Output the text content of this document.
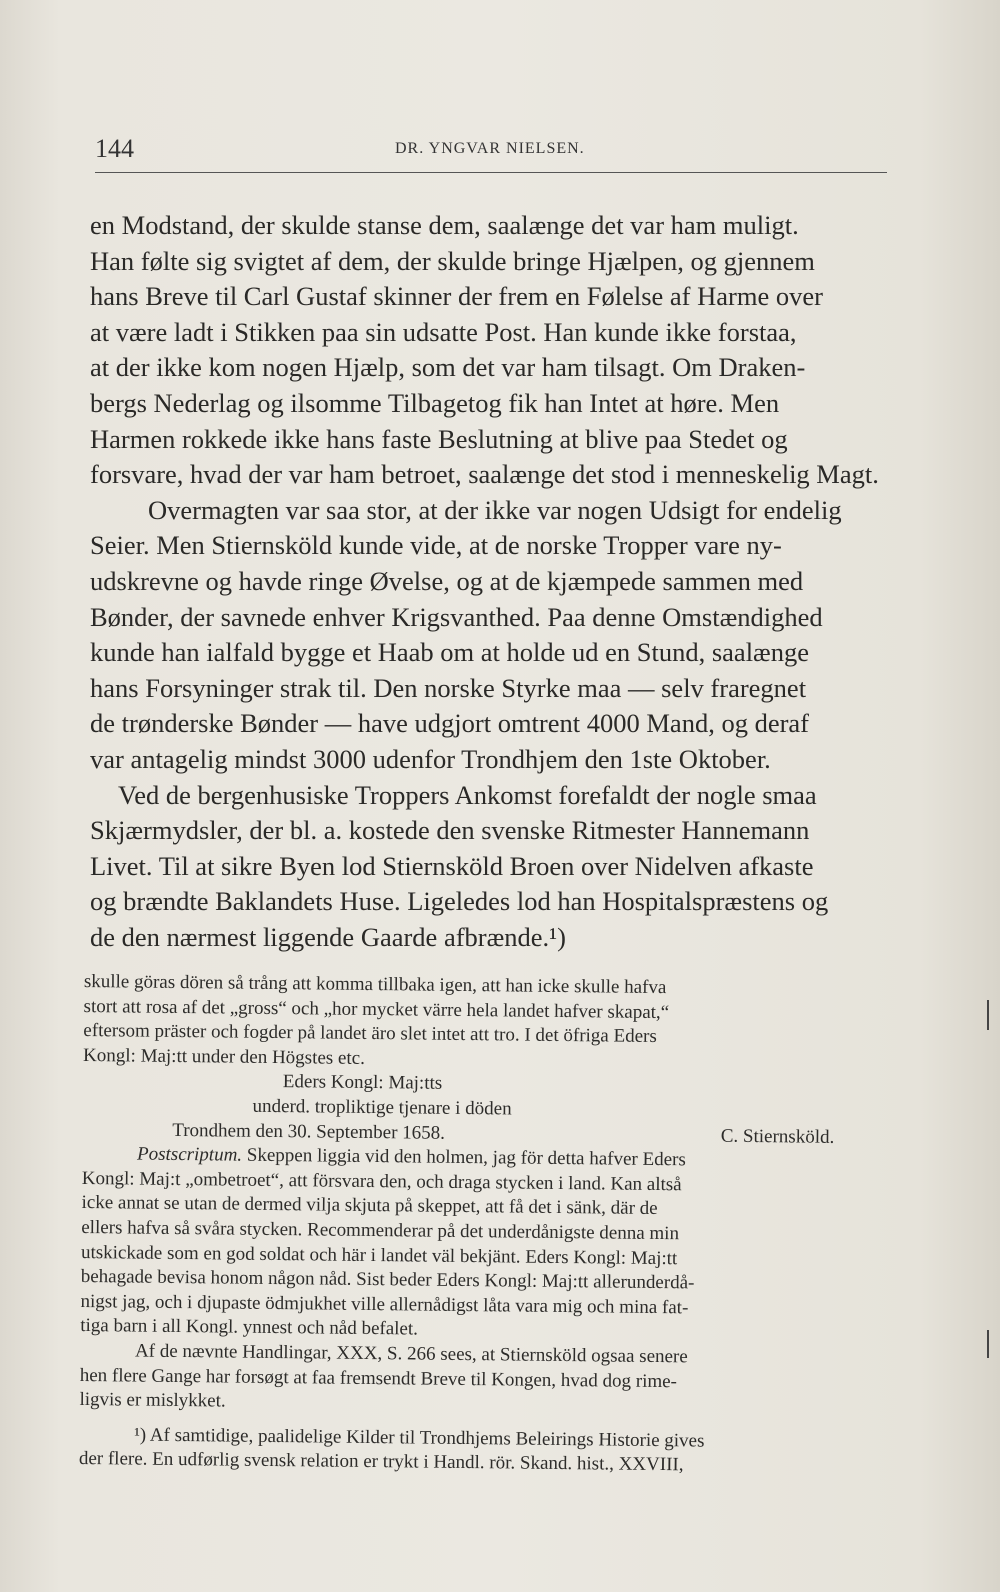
144	DR. YNGVAR NIELSEN.
en Modstand, der skulde stanse dem, saalænge det var ham muligt.
Han følte sig svigtet af dem, der skulde bringe Hjælpen, og gjennem
hans Breve til Carl Gustaf skinner der frem en Følelse af Harme over
at være ladt i Stikken paa sin udsatte Post. Han kunde ikke forstaa,
at der ikke kom nogen Hjælp, som det var ham tilsagt. Om Draken-
bergs Nederlag og ilsomme Tilbagetog fik han Intet at høre. Men
Harmen rokkede ikke hans faste Beslutning at blive paa Stedet og
forsvare, hvad der var ham betroet, saalænge det stod i menneskelig Magt.
Overmagten var saa stor, at der ikke var nogen Udsigt for endelig
Seier. Men Stiernsköld kunde vide, at de norske Tropper vare ny-
udskrevne og havde ringe Øvelse, og at de kjæmpede sammen med
Bønder, der savnede enhver Krigsvanthed. Paa denne Omstændighed
kunde han ialfald bygge et Haab om at holde ud en Stund, saalænge
hans Forsyninger strak til. Den norske Styrke maa — selv fraregnet
de trønderske Bønder — have udgjort omtrent 4000 Mand, og deraf
var antagelig mindst 3000 udenfor Trondhjem den 1ste Oktober.
Ved de bergenhusiske Troppers Ankomst forefaldt der nogle smaa
Skjærmydsler, der bl. a. kostede den svenske Ritmester Hannemann
Livet. Til at sikre Byen lod Stiernsköld Broen over Nidelven afkaste
og brændte Baklandets Huse. Ligeledes lod han Hospitalspræstens og
de den nærmest liggende Gaarde afbrænde.¹)
skulle göras dören så trång att komma tillbaka igen, att han icke skulle hafva
stort att rosa af det „gross“ och „hor mycket värre hela landet hafver skapat,“
eftersom präster och fogder på landet äro slet intet att tro. I det öfriga Eders
Kongl: Maj:tt under den Högstes etc.
Eders Kongl: Maj:tts
underd. tropliktige tjenare i döden
Trondhem den 30. September 1658.	C. Stiernsköld.
Postscriptum. Skeppen liggia vid den holmen, jag för detta hafver Eders
Kongl: Maj:t „ombetroet“, att försvara den, och draga stycken i land. Kan altså
icke annat se utan de dermed vilja skjuta på skeppet, att få det i sänk, där de
ellers hafva så svåra stycken. Recommenderar på det underdånigste denna min
utskickade som en god soldat och här i landet väl bekjänt. Eders Kongl: Maj:tt
behagade bevisa honom någon nåd. Sist beder Eders Kongl: Maj:tt allerunderdå-
nigst jag, och i djupaste ödmjukhet ville allernådigst låta vara mig och mina fat-
tiga barn i all Kongl. ynnest och nåd befalet.
Af de nævnte Handlingar, XXX, S. 266 sees, at Stiernsköld ogsaa senere
hen flere Gange har forsøgt at faa fremsendt Breve til Kongen, hvad dog rime-
ligvis er mislykket.
¹) Af samtidige, paalidelige Kilder til Trondhjems Beleirings Historie gives
der flere. En udførlig svensk relation er trykt i Handl. rör. Skand. hist., XXVIII,
